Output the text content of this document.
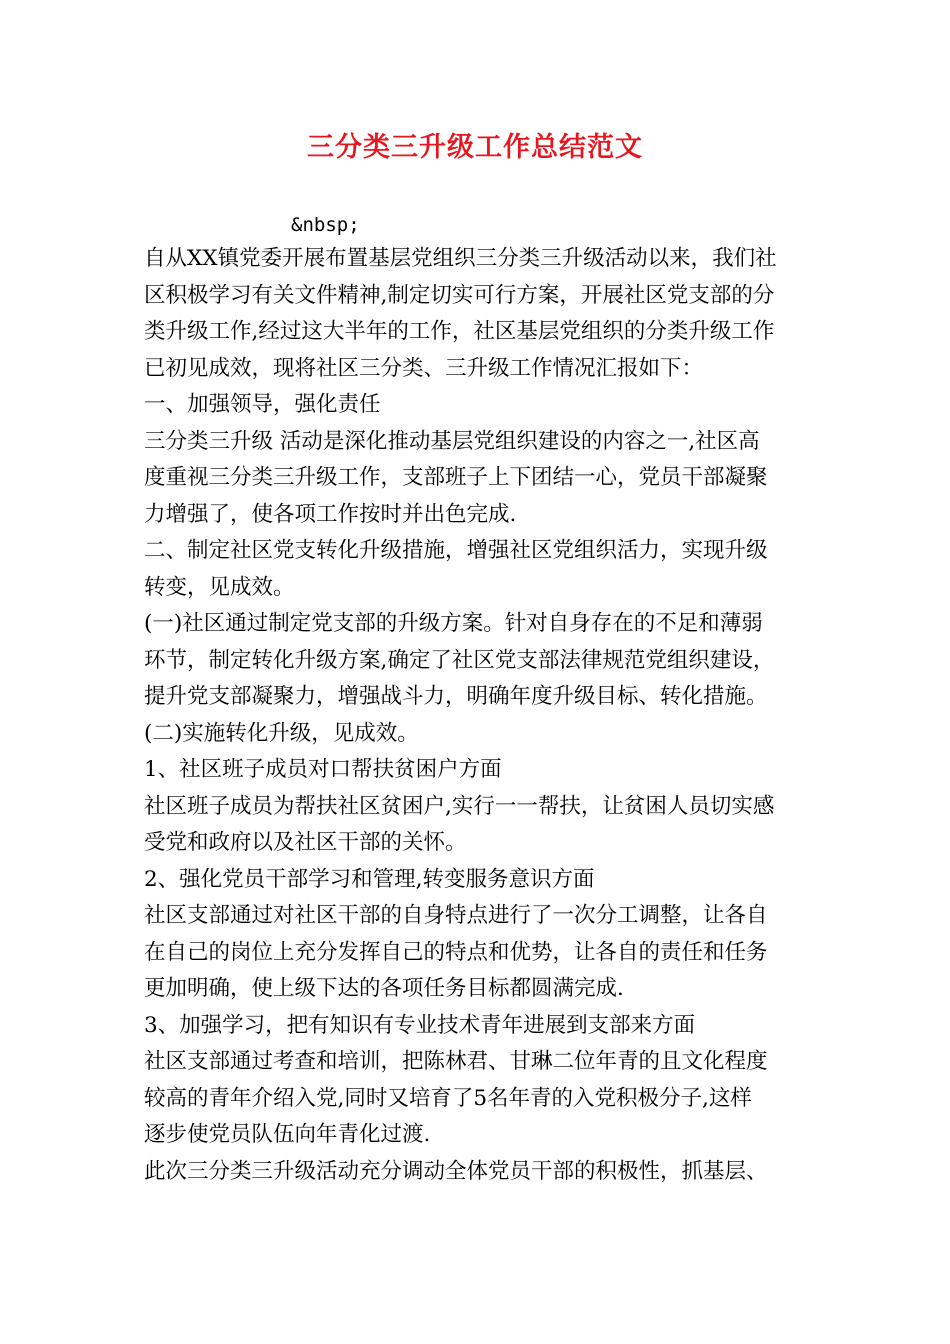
三分类三升级工作总结范文
&nbsp;
自从XX镇党委开展布置基层党组织三分类三升级活动以来，我们社
区积极学习有关文件精神,制定切实可行方案，开展社区党支部的分
类升级工作,经过这大半年的工作，社区基层党组织的分类升级工作
已初见成效，现将社区三分类、三升级工作情况汇报如下：
一、加强领导，强化责任
三分类三升级 活动是深化推动基层党组织建设的内容之一,社区高
度重视三分类三升级工作，支部班子上下团结一心，党员干部凝聚
力增强了，使各项工作按时并出色完成.
二、制定社区党支转化升级措施，增强社区党组织活力，实现升级
转变，见成效。
(一)社区通过制定党支部的升级方案。针对自身存在的不足和薄弱
环节，制定转化升级方案,确定了社区党支部法律规范党组织建设，
提升党支部凝聚力，增强战斗力，明确年度升级目标、转化措施。
(二)实施转化升级，见成效。
1、社区班子成员对口帮扶贫困户方面
社区班子成员为帮扶社区贫困户,实行一一帮扶，让贫困人员切实感
受党和政府以及社区干部的关怀。
2、强化党员干部学习和管理,转变服务意识方面
社区支部通过对社区干部的自身特点进行了一次分工调整，让各自
在自己的岗位上充分发挥自己的特点和优势，让各自的责任和任务
更加明确，使上级下达的各项任务目标都圆满完成.
3、加强学习，把有知识有专业技术青年进展到支部来方面
社区支部通过考查和培训，把陈林君、甘琳二位年青的且文化程度
较高的青年介绍入党,同时又培育了5名年青的入党积极分子,这样
逐步使党员队伍向年青化过渡.
此次三分类三升级活动充分调动全体党员干部的积极性，抓基层、
